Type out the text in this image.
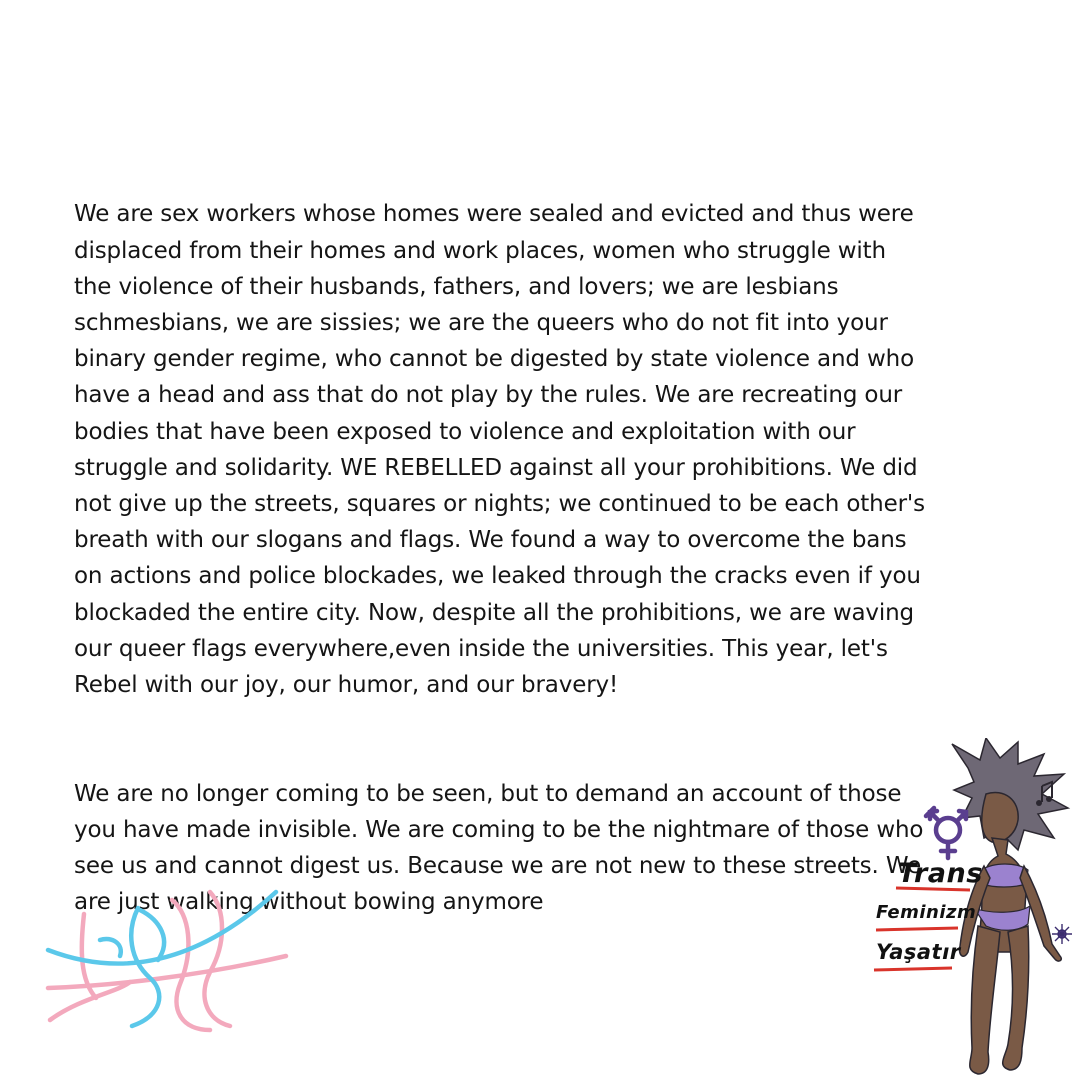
We are sex workers whose homes were sealed and evicted and thus were
displaced from their homes and work places, women who struggle with
the violence of their husbands, fathers, and lovers; we are lesbians
schmesbians, we are sissies; we are the queers who do not fit into your
binary gender regime, who cannot be digested by state violence and who
have a head and ass that do not play by the rules. We are recreating our
bodies that have been exposed to violence and exploitation with our
struggle and solidarity. WE REBELLED against all your prohibitions. We did
not give up the streets, squares or nights; we continued to be each other's
breath with our slogans and flags. We found a way to overcome the bans
on actions and police blockades, we leaked through the cracks even if you
blockaded the entire city. Now, despite all the prohibitions, we are waving
our queer flags everywhere,even inside the universities. This year, let's
Rebel with our joy, our humor, and our bravery!

We are no longer coming to be seen, but to demand an account of those
you have made invisible. We are coming to be the nightmare of those who
see us and cannot digest us. Because we are not new to these streets. We
are just walking without bowing anymore

Trans
Feminizm
Yaşatır
